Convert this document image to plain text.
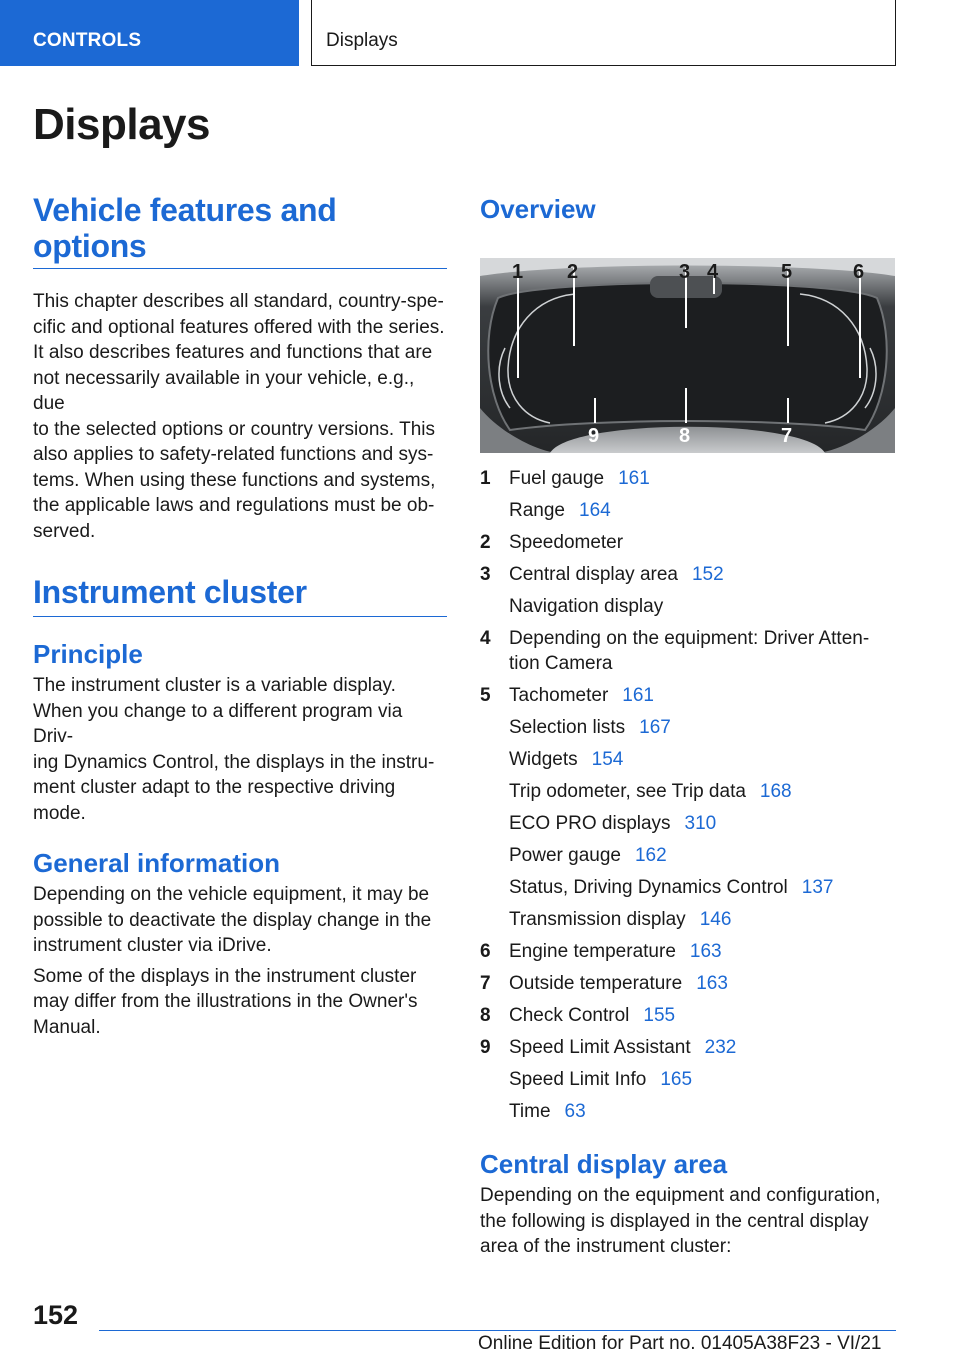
CONTROLS	Displays
Displays
Vehicle features and
options
This chapter describes all standard, country-spe‐
cific and optional features offered with the series.
It also describes features and functions that are
not necessarily available in your vehicle, e.g., due
to the selected options or country versions. This
also applies to safety-related functions and sys‐
tems. When using these functions and systems,
the applicable laws and regulations must be ob‐
served.
Instrument cluster
Principle
The instrument cluster is a variable display.
When you change to a different program via Driv‐
ing Dynamics Control, the displays in the instru‐
ment cluster adapt to the respective driving
mode.
General information
Depending on the vehicle equipment, it may be
possible to deactivate the display change in the
instrument cluster via iDrive.
Some of the displays in the instrument cluster
may differ from the illustrations in the Owner's
Manual.
Overview
1 2	3 4	5	6
9	8	7
1 Fuel gauge 161
Range 164
2 Speedometer
3 Central display area 152
Navigation display
4 Depending on the equipment: Driver Atten‐
tion Camera
5 Tachometer 161
Selection lists 167
Widgets 154
Trip odometer, see Trip data 168
ECO PRO displays 310
Power gauge 162
Status, Driving Dynamics Control 137
Transmission display 146
6 Engine temperature 163
7 Outside temperature 163
8 Check Control 155
9 Speed Limit Assistant 232
Speed Limit Info 165
Time 63
Central display area
Depending on the equipment and configuration,
the following is displayed in the central display
area of the instrument cluster:
152
Online Edition for Part no. 01405A38F23 - VI/21
